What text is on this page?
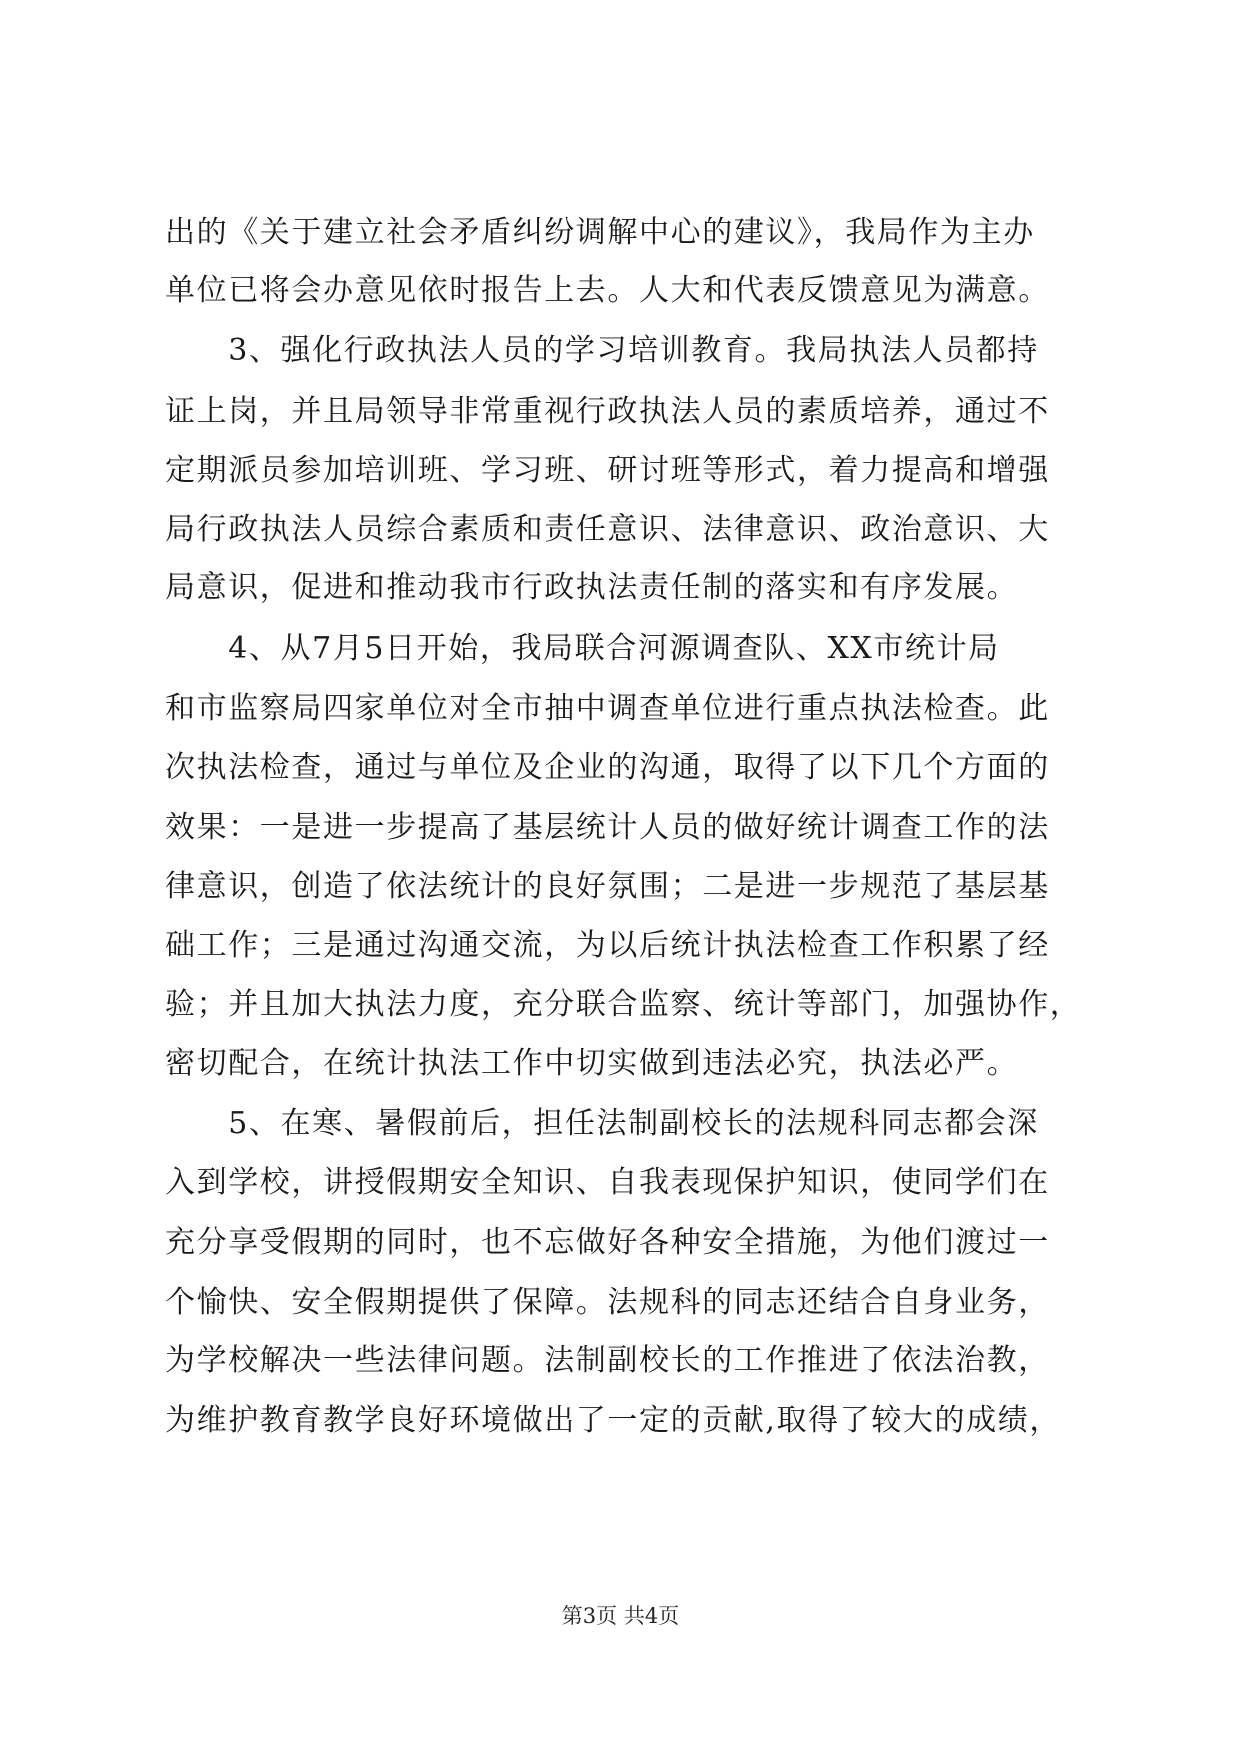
出的《关于建立社会矛盾纠纷调解中心的建议》，我局作为主办
单位已将会办意见依时报告上去。人大和代表反馈意见为满意。
　　3、强化行政执法人员的学习培训教育。我局执法人员都持
证上岗，并且局领导非常重视行政执法人员的素质培养，通过不
定期派员参加培训班、学习班、研讨班等形式，着力提高和增强
局行政执法人员综合素质和责任意识、法律意识、政治意识、大
局意识，促进和推动我市行政执法责任制的落实和有序发展。
　　4、从7月5日开始，我局联合河源调查队、XX市统计局
和市监察局四家单位对全市抽中调查单位进行重点执法检查。此
次执法检查，通过与单位及企业的沟通，取得了以下几个方面的
效果：一是进一步提高了基层统计人员的做好统计调查工作的法
律意识，创造了依法统计的良好氛围；二是进一步规范了基层基
础工作；三是通过沟通交流，为以后统计执法检查工作积累了经
验；并且加大执法力度，充分联合监察、统计等部门，加强协作，
密切配合，在统计执法工作中切实做到违法必究，执法必严。
　　5、在寒、暑假前后，担任法制副校长的法规科同志都会深
入到学校，讲授假期安全知识、自我表现保护知识，使同学们在
充分享受假期的同时，也不忘做好各种安全措施，为他们渡过一
个愉快、安全假期提供了保障。法规科的同志还结合自身业务，
为学校解决一些法律问题。法制副校长的工作推进了依法治教，
为维护教育教学良好环境做出了一定的贡献,取得了较大的成绩，
第3页 共4页
